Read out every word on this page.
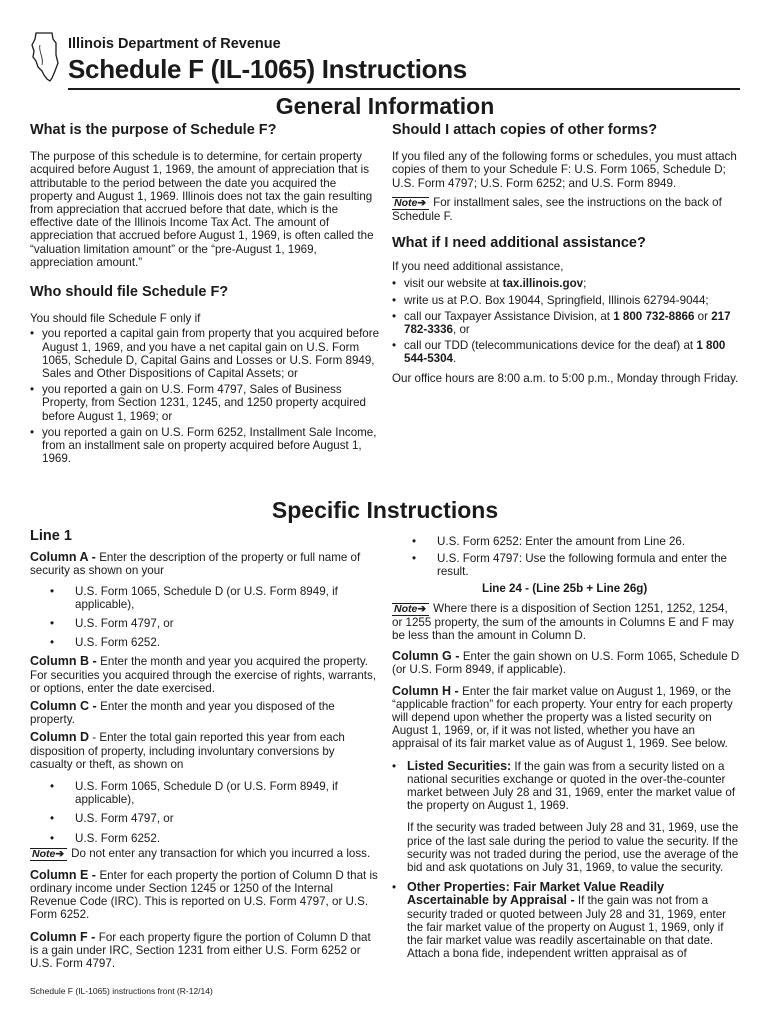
Illinois Department of Revenue
Schedule F (IL-1065) Instructions
General Information
What is the purpose of Schedule F?

The purpose of this schedule is to determine, for certain property acquired before August 1, 1969, the amount of appreciation that is attributable to the period between the date you acquired the property and August 1, 1969. Illinois does not tax the gain resulting from appreciation that accrued before that date, which is the effective date of the Illinois Income Tax Act. The amount of appreciation that accrued before August 1, 1969, is often called the “valuation limitation amount” or the “pre-August 1, 1969, appreciation amount.”

Who should file Schedule F?

You should file Schedule F only if

• you reported a capital gain from property that you acquired before August 1, 1969, and you have a net capital gain on U.S. Form 1065, Schedule D, Capital Gains and Losses or U.S. Form 8949, Sales and Other Dispositions of Capital Assets; or
• you reported a gain on U.S. Form 4797, Sales of Business Property, from Section 1231, 1245, and 1250 property acquired before August 1, 1969; or
• you reported a gain on U.S. Form 6252, Installment Sale Income, from an installment sale on property acquired before August 1, 1969.
Should I attach copies of other forms?

If you filed any of the following forms or schedules, you must attach copies of them to your Schedule F: U.S. Form 1065, Schedule D; U.S. Form 4797; U.S. Form 6252; and U.S. Form 8949.

Note➔ For installment sales, see the instructions on the back of Schedule F.

What if I need additional assistance?

If you need additional assistance,

• visit our website at tax.illinois.gov;
• write us at P.O. Box 19044, Springfield, Illinois 62794-9044;
• call our Taxpayer Assistance Division, at 1 800 732-8866 or 217 782-3336, or
• call our TDD (telecommunications device for the deaf) at 1 800 544-5304.

Our office hours are 8:00 a.m. to 5:00 p.m., Monday through Friday.

Specific Instructions
Line 1

Column A - Enter the description of the property or full name of security as shown on your

• U.S. Form 1065, Schedule D (or U.S. Form 8949, if applicable),
• U.S. Form 4797, or
• U.S. Form 6252.

Column B - Enter the month and year you acquired the property. For securities you acquired through the exercise of rights, warrants, or options, enter the date exercised.

Column C - Enter the month and year you disposed of the property.

Column D - Enter the total gain reported this year from each disposition of property, including involuntary conversions by casualty or theft, as shown on

• U.S. Form 1065, Schedule D (or U.S. Form 8949, if applicable),
• U.S. Form 4797, or
• U.S. Form 6252.

Note➔ Do not enter any transaction for which you incurred a loss.

Column E - Enter for each property the portion of Column D that is ordinary income under Section 1245 or 1250 of the Internal Revenue Code (IRC). This is reported on U.S. Form 4797, or U.S. Form 6252.

Column F - For each property figure the portion of Column D that is a gain under IRC, Section 1231 from either U.S. Form 6252 or U.S. Form 4797.

• U.S. Form 6252: Enter the amount from Line 26.
• U.S. Form 4797: Use the following formula and enter the result.

Line 24 - (Line 25b + Line 26g)

Note➔ Where there is a disposition of Section 1251, 1252, 1254, or 1255 property, the sum of the amounts in Columns E and F may be less than the amount in Column D.

Column G - Enter the gain shown on U.S. Form 1065, Schedule D (or U.S. Form 8949, if applicable).

Column H - Enter the fair market value on August 1, 1969, or the “applicable fraction” for each property. Your entry for each property will depend upon whether the property was a listed security on August 1, 1969, or, if it was not listed, whether you have an appraisal of its fair market value as of August 1, 1969. See below.

• Listed Securities: If the gain was from a security listed on a national securities exchange or quoted in the over-the-counter market between July 28 and 31, 1969, enter the market value of the property on August 1, 1969.

If the security was traded between July 28 and 31, 1969, use the price of the last sale during the period to value the security. If the security was not traded during the period, use the average of the bid and ask quotations on July 31, 1969, to value the security.

• Other Properties: Fair Market Value Readily Ascertainable by Appraisal - If the gain was not from a security traded or quoted between July 28 and 31, 1969, enter the fair market value of the property on August 1, 1969, only if the fair market value was readily ascertainable on that date. Attach a bona fide, independent written appraisal as of
Schedule F (IL-1065) instructions front (R-12/14)
